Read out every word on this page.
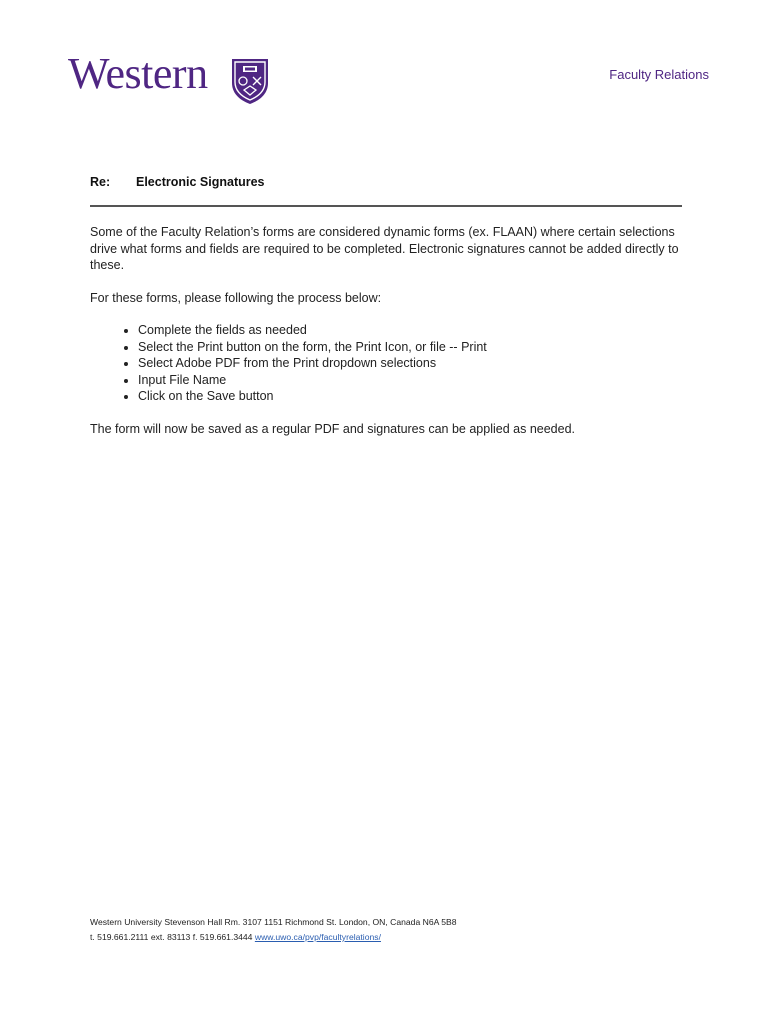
Western	Faculty Relations
Re: Electronic Signatures

Some of the Faculty Relation’s forms are considered dynamic forms (ex. FLAAN) where certain selections drive what forms and fields are required to be completed. Electronic signatures cannot be added directly to these.

For these forms, please following the process below:

• Complete the fields as needed
• Select the Print button on the form, the Print Icon, or file -- Print
• Select Adobe PDF from the Print dropdown selections
• Input File Name
• Click on the Save button

The form will now be saved as a regular PDF and signatures can be applied as needed.

Western University Stevenson Hall Rm. 3107 1151 Richmond St. London, ON, Canada N6A 5B8
t. 519.661.2111 ext. 83113 f. 519.661.3444 www.uwo.ca/pvp/facultyrelations/
